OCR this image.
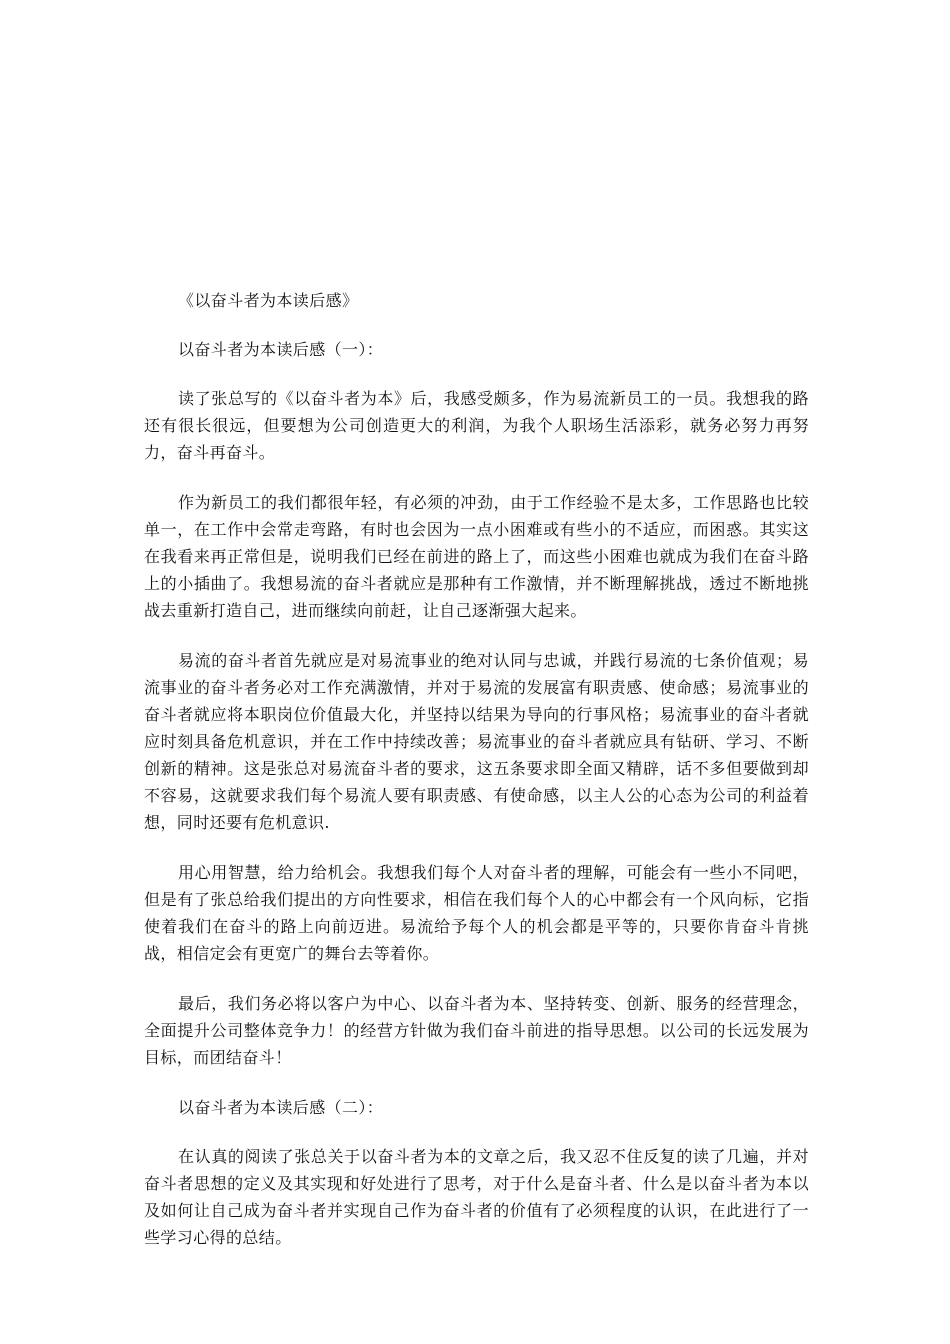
《以奋斗者为本读后感》

以奋斗者为本读后感（一）：

读了张总写的《以奋斗者为本》后，我感受颇多，作为易流新员工的一员。我想我的路还有很长很远，但要想为公司创造更大的利润，为我个人职场生活添彩，就务必努力再努力，奋斗再奋斗。

作为新员工的我们都很年轻，有必须的冲劲，由于工作经验不是太多，工作思路也比较单一，在工作中会常走弯路，有时也会因为一点小困难或有些小的不适应，而困惑。其实这在我看来再正常但是，说明我们已经在前进的路上了，而这些小困难也就成为我们在奋斗路上的小插曲了。我想易流的奋斗者就应是那种有工作激情，并不断理解挑战，透过不断地挑战去重新打造自己，进而继续向前赶，让自己逐渐强大起来。

易流的奋斗者首先就应是对易流事业的绝对认同与忠诚，并践行易流的七条价值观；易流事业的奋斗者务必对工作充满激情，并对于易流的发展富有职责感、使命感；易流事业的奋斗者就应将本职岗位价值最大化，并坚持以结果为导向的行事风格；易流事业的奋斗者就应时刻具备危机意识，并在工作中持续改善；易流事业的奋斗者就应具有钻研、学习、不断创新的精神。这是张总对易流奋斗者的要求，这五条要求即全面又精辟，话不多但要做到却不容易，这就要求我们每个易流人要有职责感、有使命感，以主人公的心态为公司的利益着想，同时还要有危机意识.

用心用智慧，给力给机会。我想我们每个人对奋斗者的理解，可能会有一些小不同吧，但是有了张总给我们提出的方向性要求，相信在我们每个人的心中都会有一个风向标，它指使着我们在奋斗的路上向前迈进。易流给予每个人的机会都是平等的，只要你肯奋斗肯挑战，相信定会有更宽广的舞台去等着你。

最后，我们务必将以客户为中心、以奋斗者为本、坚持转变、创新、服务的经营理念，全面提升公司整体竞争力！的经营方针做为我们奋斗前进的指导思想。以公司的长远发展为目标，而团结奋斗！

以奋斗者为本读后感（二）：

在认真的阅读了张总关于以奋斗者为本的文章之后，我又忍不住反复的读了几遍，并对奋斗者思想的定义及其实现和好处进行了思考，对于什么是奋斗者、什么是以奋斗者为本以及如何让自己成为奋斗者并实现自己作为奋斗者的价值有了必须程度的认识，在此进行了一些学习心得的总结。
